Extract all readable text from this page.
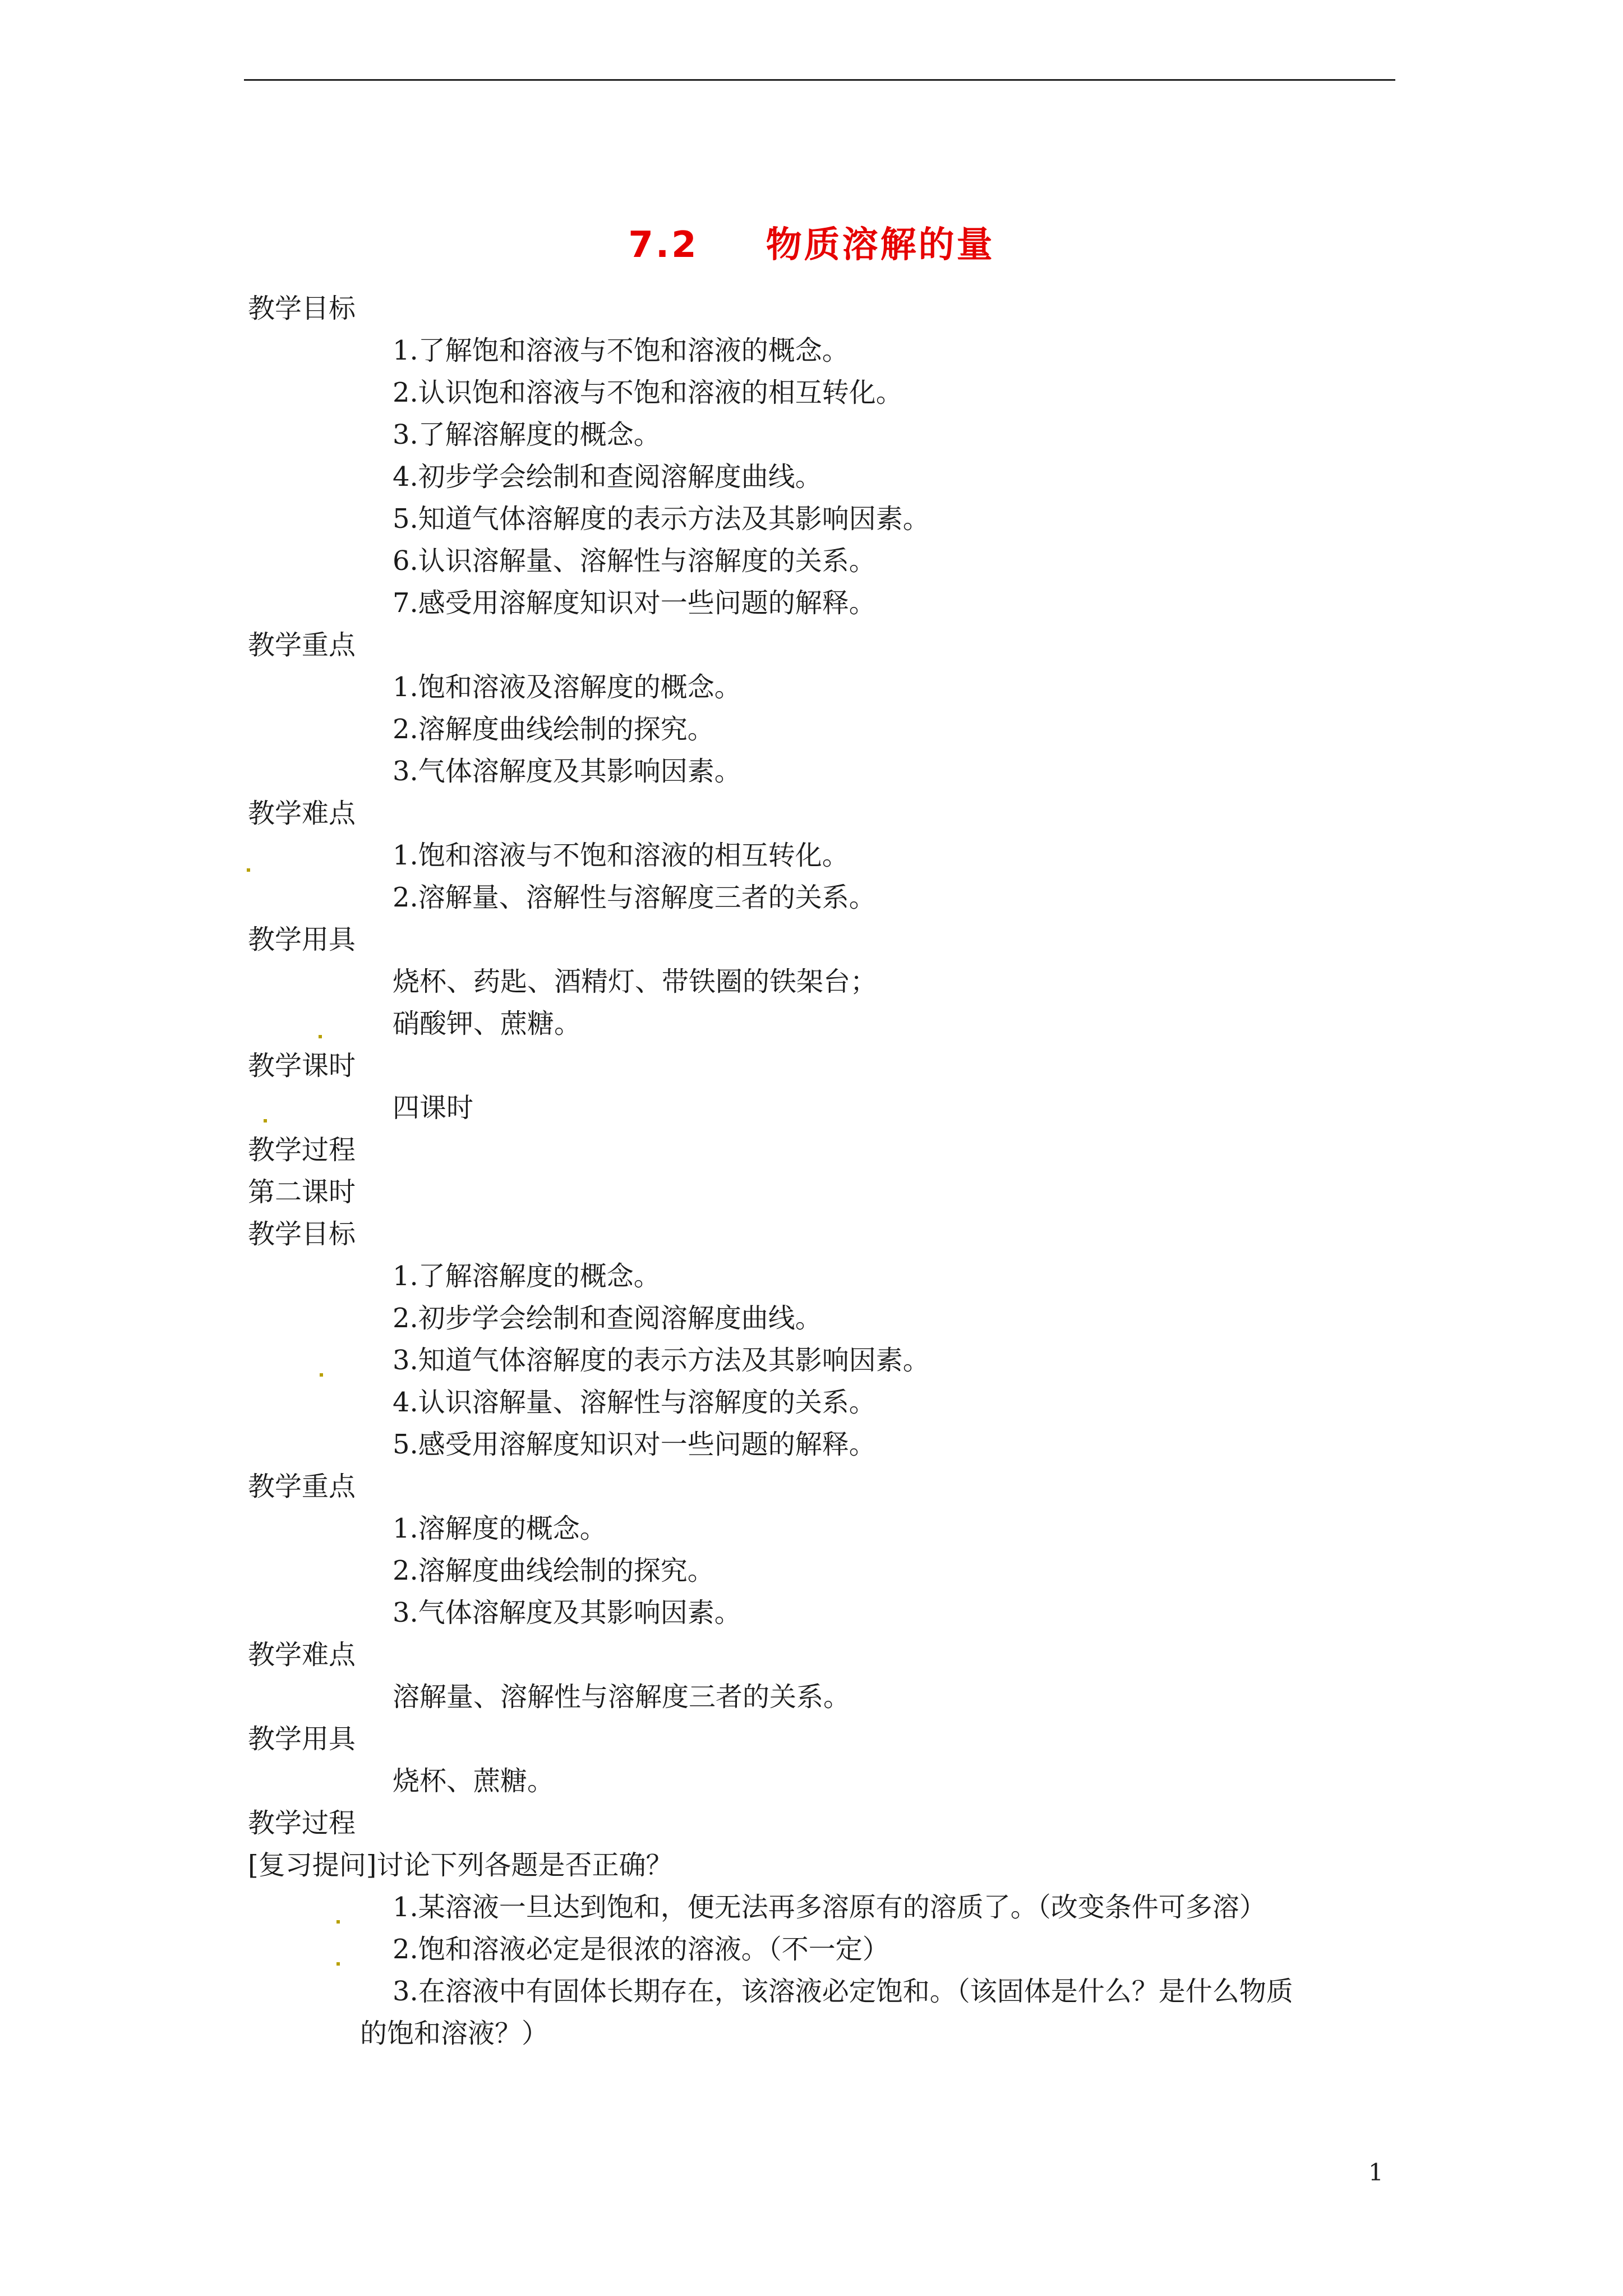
7.2 物质溶解的量
教学目标
1.了解饱和溶液与不饱和溶液的概念。
2.认识饱和溶液与不饱和溶液的相互转化。
3.了解溶解度的概念。
4.初步学会绘制和查阅溶解度曲线。
5.知道气体溶解度的表示方法及其影响因素。
6.认识溶解量、溶解性与溶解度的关系。
7.感受用溶解度知识对一些问题的解释。
教学重点
1.饱和溶液及溶解度的概念。
2.溶解度曲线绘制的探究。
3.气体溶解度及其影响因素。
教学难点
1.饱和溶液与不饱和溶液的相互转化。
2.溶解量、溶解性与溶解度三者的关系。
教学用具
烧杯、药匙、酒精灯、带铁圈的铁架台；
硝酸钾、蔗糖。
教学课时
四课时
教学过程
第二课时
教学目标
1.了解溶解度的概念。
2.初步学会绘制和查阅溶解度曲线。
3.知道气体溶解度的表示方法及其影响因素。
4.认识溶解量、溶解性与溶解度的关系。
5.感受用溶解度知识对一些问题的解释。
教学重点
1.溶解度的概念。
2.溶解度曲线绘制的探究。
3.气体溶解度及其影响因素。
教学难点
溶解量、溶解性与溶解度三者的关系。
教学用具
烧杯、蔗糖。
教学过程
[复习提问]讨论下列各题是否正确？
1.某溶液一旦达到饱和，便无法再多溶原有的溶质了。（改变条件可多溶）
2.饱和溶液必定是很浓的溶液。（不一定）
3.在溶液中有固体长期存在，该溶液必定饱和。（该固体是什么？是什么物质
的饱和溶液？）
1
